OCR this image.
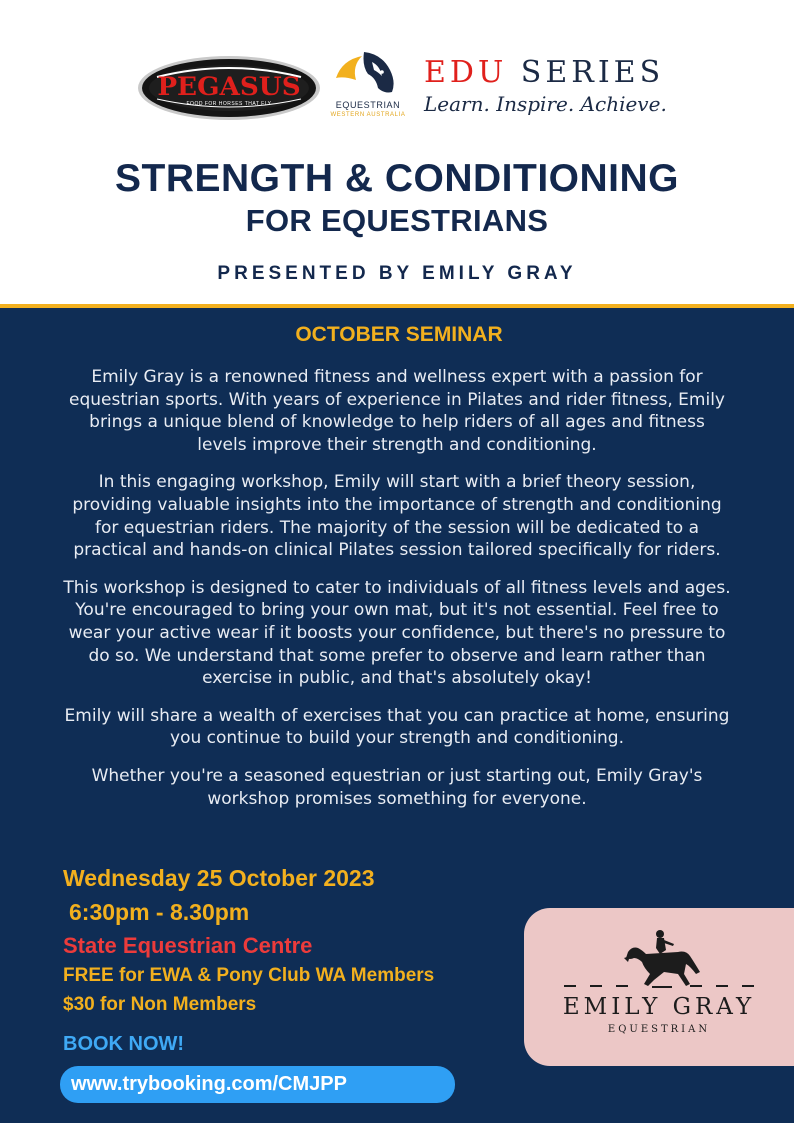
PEGASUS
FOOD FOR HORSES THAT FLY	EQUESTRIAN
WESTERN AUSTRALIA
EDU SERIES
Learn. Inspire. Achieve.
STRENGTH & CONDITIONING
FOR EQUESTRIANS
PRESENTED BY EMILY GRAY
OCTOBER SEMINAR

Emily Gray is a renowned fitness and wellness expert with a passion for equestrian sports. With years of experience in Pilates and rider fitness, Emily brings a unique blend of knowledge to help riders of all ages and fitness levels improve their strength and conditioning.

In this engaging workshop, Emily will start with a brief theory session, providing valuable insights into the importance of strength and conditioning for equestrian riders. The majority of the session will be dedicated to a practical and hands-on clinical Pilates session tailored specifically for riders.

This workshop is designed to cater to individuals of all fitness levels and ages. You're encouraged to bring your own mat, but it's not essential. Feel free to wear your active wear if it boosts your confidence, but there's no pressure to do so. We understand that some prefer to observe and learn rather than exercise in public, and that's absolutely okay!

Emily will share a wealth of exercises that you can practice at home, ensuring you continue to build your strength and conditioning.

Whether you're a seasoned equestrian or just starting out, Emily Gray's workshop promises something for everyone.

Wednesday 25 October 2023
6:30pm - 8.30pm
State Equestrian Centre
FREE for EWA & Pony Club WA Members
$30 for Non Members
BOOK NOW!
www.trybooking.com/CMJPP
EMILY GRAY
EQUESTRIAN
